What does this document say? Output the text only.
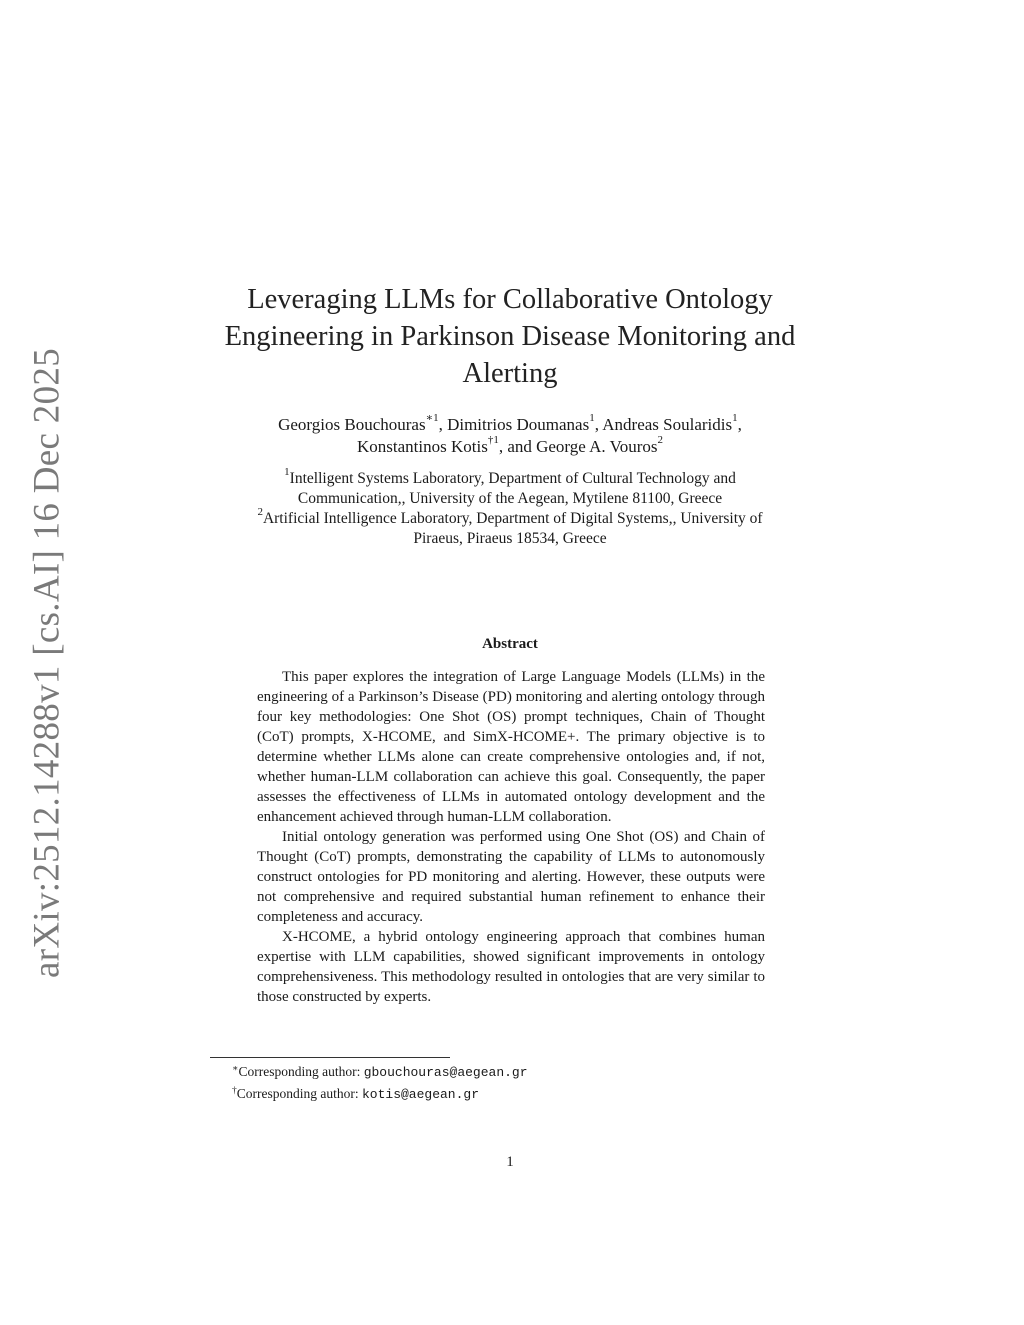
arXiv:2512.14288v1 [cs.AI] 16 Dec 2025
Leveraging LLMs for Collaborative Ontology
Engineering in Parkinson Disease Monitoring and
Alerting
Georgios Bouchouras$^{∗1}$, Dimitrios Doumanas$^1$, Andreas Soularidis$^1$,
Konstantinos Kotis$^{\dagger 1}$, and George A. Vouros$^2$
$^1$Intelligent Systems Laboratory, Department of Cultural Technology and
Communication,, University of the Aegean, Mytilene 81100, Greece
$^2$Artificial Intelligence Laboratory, Department of Digital Systems,, University of
Piraeus, Piraeus 18534, Greece
Abstract

This paper explores the integration of Large Language Models (LLMs) in the engineering of a Parkinson’s Disease (PD) monitoring and alerting ontology through four key methodologies: One Shot (OS) prompt techniques, Chain of Thought (CoT) prompts, X-HCOME, and SimX-HCOME+. The primary objective is to determine whether LLMs alone can create comprehensive ontologies and, if not, whether human-LLM collaboration can achieve this goal. Consequently, the paper assesses the effectiveness of LLMs in automated ontology development and the enhancement achieved through human-LLM collaboration.

Initial ontology generation was performed using One Shot (OS) and Chain of Thought (CoT) prompts, demonstrating the capability of LLMs to autonomously construct ontologies for PD monitoring and alerting. However, these outputs were not comprehensive and required substantial human refinement to enhance their completeness and accuracy.

X-HCOME, a hybrid ontology engineering approach that combines human expertise with LLM capabilities, showed significant improvements in ontology comprehensiveness. This methodology resulted in ontologies that are very similar to those constructed by experts.

∗Corresponding author: gbouchouras@aegean.gr
†Corresponding author: kotis@aegean.gr
1
